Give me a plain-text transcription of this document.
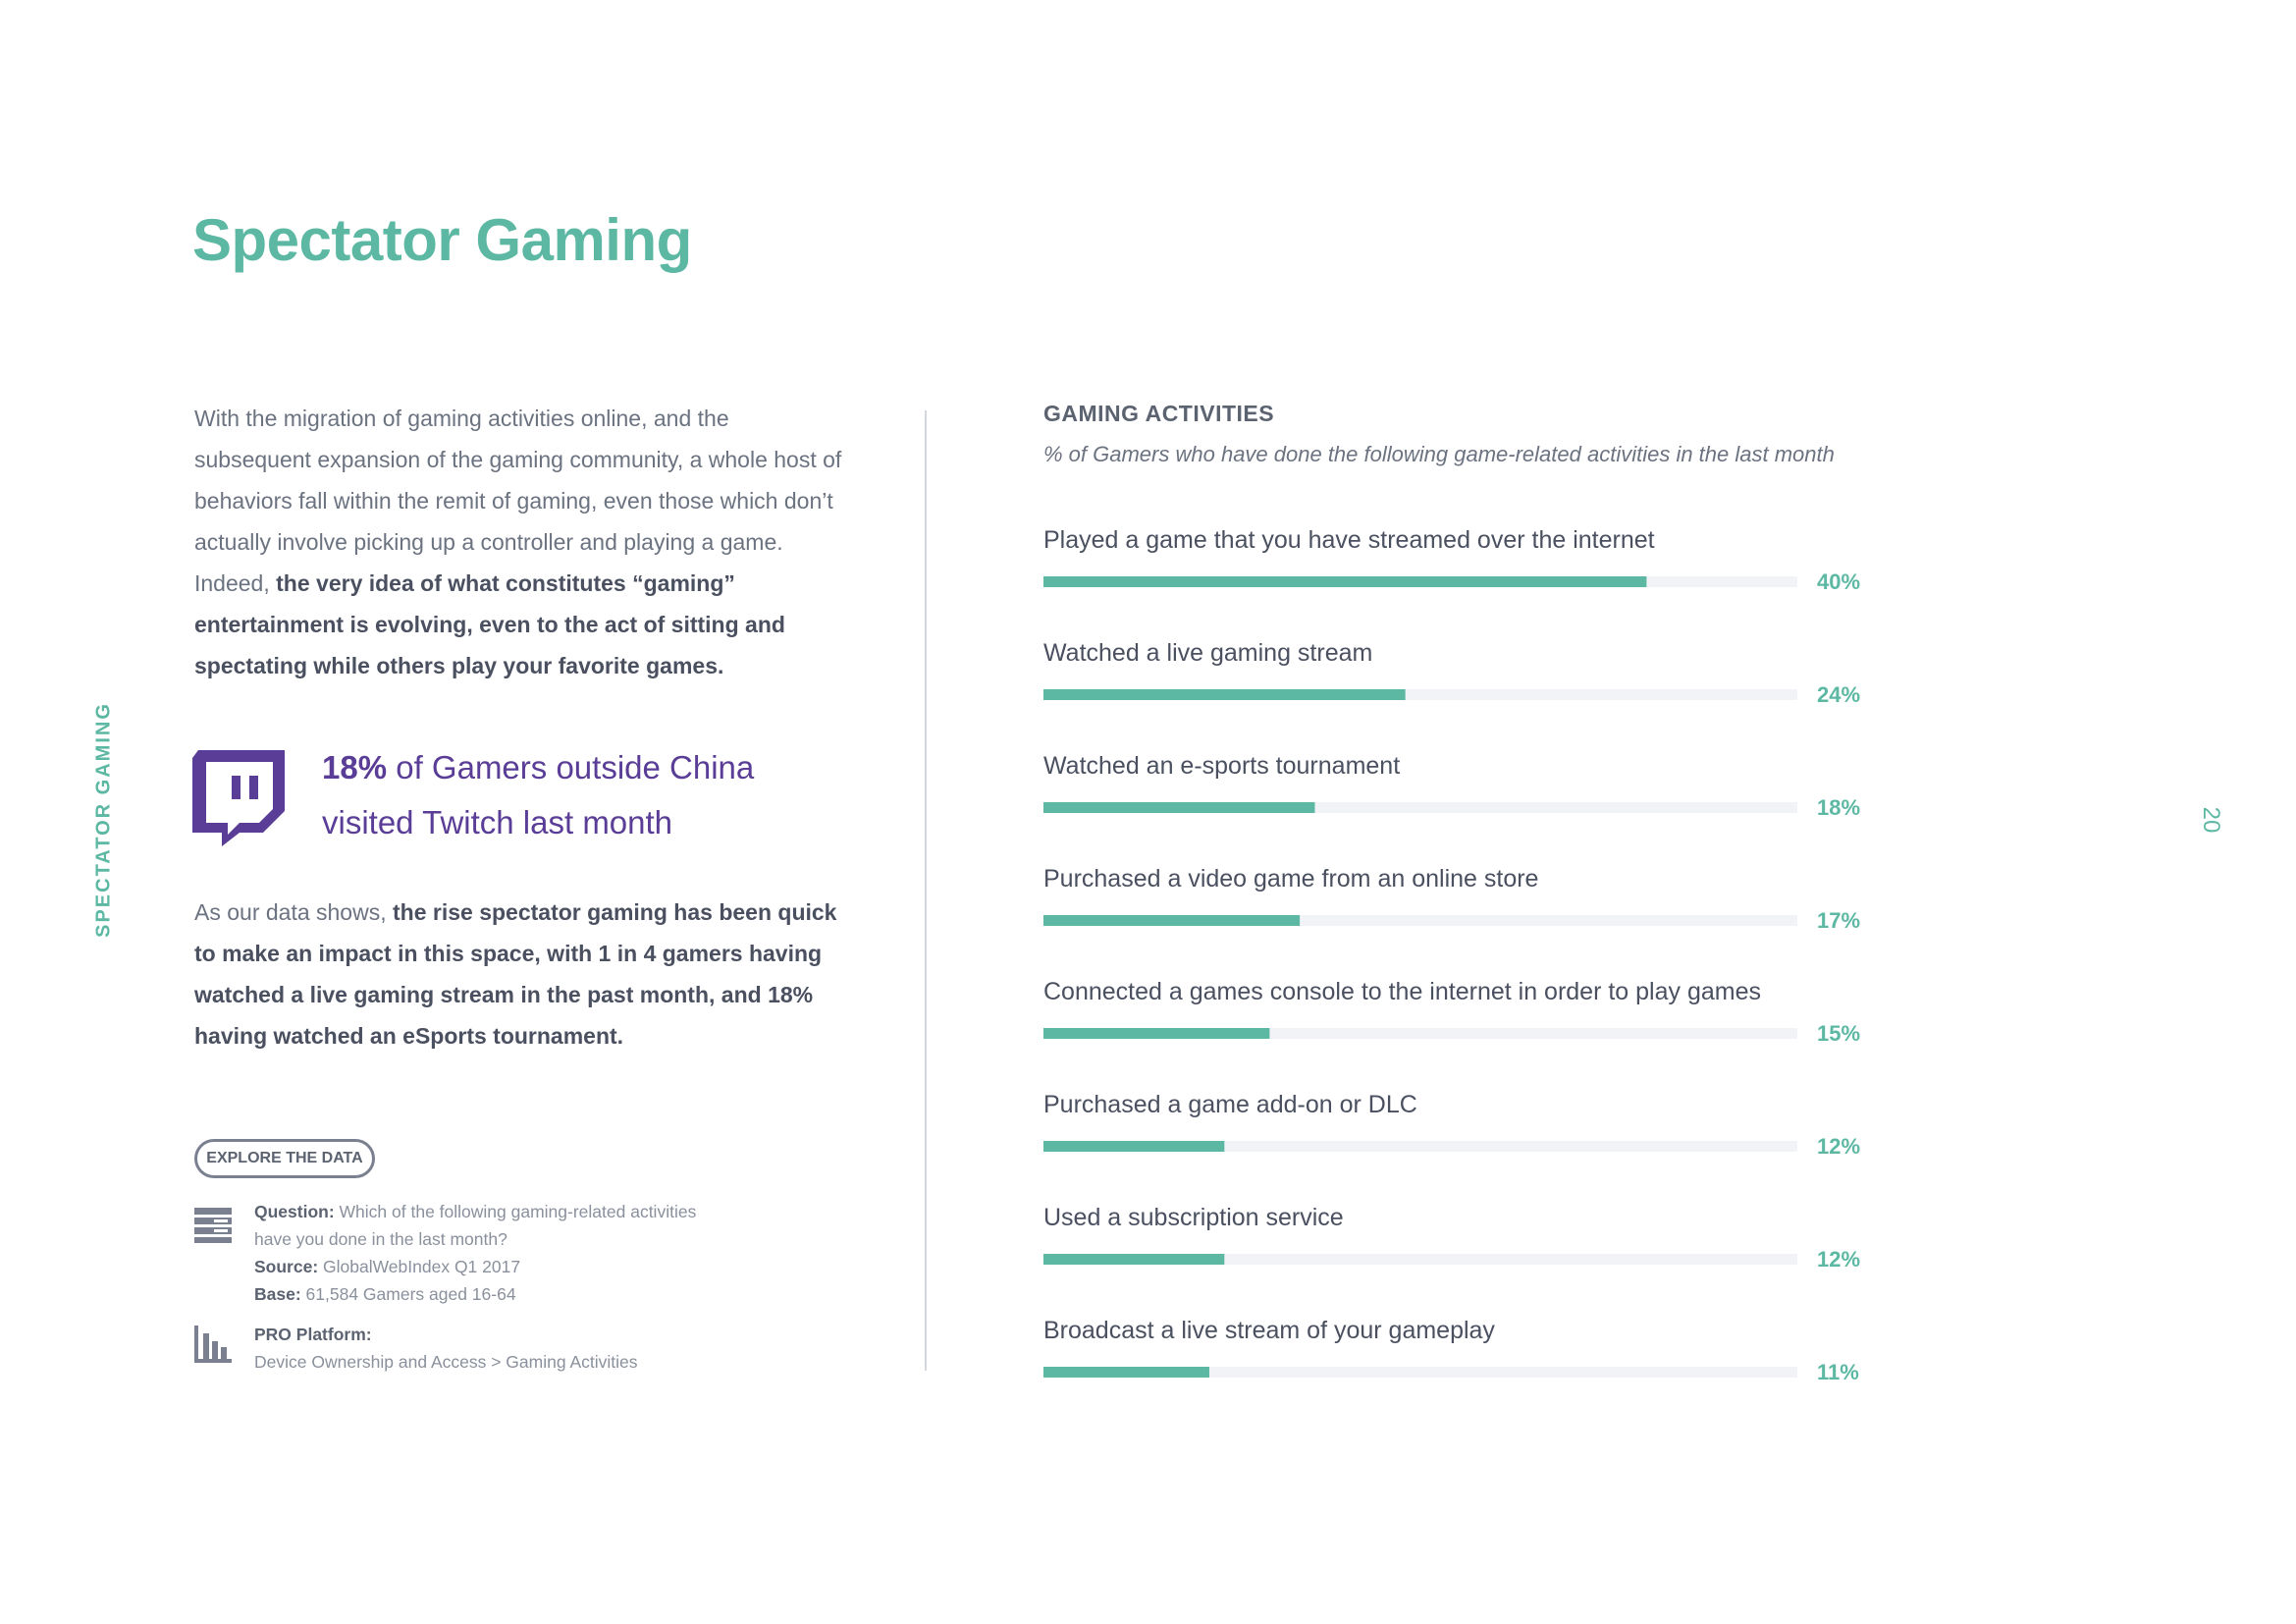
Spectator Gaming
SPECTATOR GAMING	20

With the migration of gaming activities online, and the subsequent expansion of the gaming community, a whole host of behaviors fall within the remit of gaming, even those which don’t actually involve picking up a controller and playing a game. Indeed, the very idea of what constitutes “gaming” entertainment is evolving, even to the act of sitting and spectating while others play your favorite games.

18% of Gamers outside China visited Twitch last month

As our data shows, the rise spectator gaming has been quick to make an impact in this space, with 1 in 4 gamers having watched a live gaming stream in the past month, and 18% having watched an eSports tournament.

EXPLORE THE DATA
Question: Which of the following gaming-related activities have you done in the last month?
Source: GlobalWebIndex Q1 2017
Base: 61,584 Gamers aged 16-64
PRO Platform:
Device Ownership and Access > Gaming Activities
GAMING ACTIVITIES

% of Gamers who have done the following game-related activities in the last month

Played a game that you have streamed over the internet
40%
Watched a live gaming stream
24%
Watched an e-sports tournament
18%
Purchased a video game from an online store
17%
Connected a games console to the internet in order to play games
15%
Purchased a game add-on or DLC
12%
Used a subscription service
12%
Broadcast a live stream of your gameplay
11%
